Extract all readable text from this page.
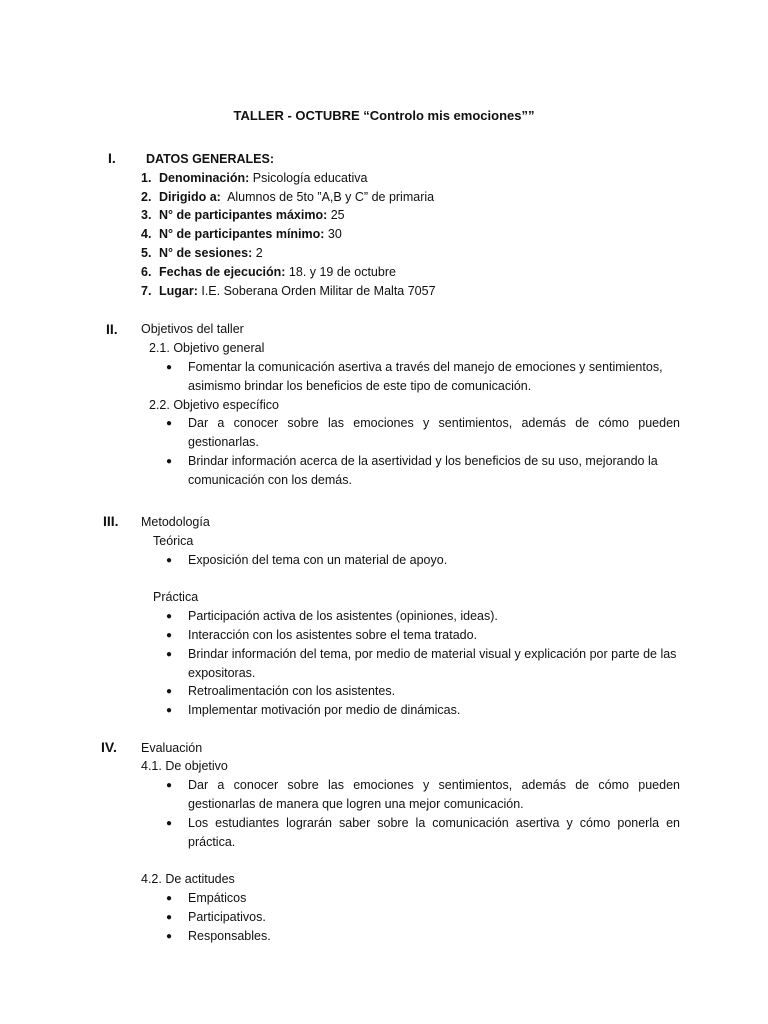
TALLER - OCTUBRE “Controlo mis emociones””
I. DATOS GENERALES:
1. Denominación: Psicología educativa
2. Dirigido a:  Alumnos de 5to ”A,B y C” de primaria
3. N° de participantes máximo: 25
4. N° de participantes mínimo: 30
5. N° de sesiones: 2
6. Fechas de ejecución: 18. y 19 de octubre
7. Lugar: I.E. Soberana Orden Militar de Malta 7057
II. Objetivos del taller
2.1. Objetivo general
● Fomentar la comunicación asertiva a través del manejo de emociones y sentimientos,
asimismo brindar los beneficios de este tipo de comunicación.
2.2. Objetivo específico
● Dar a conocer sobre las emociones y sentimientos, además de cómo pueden
gestionarlas.
● Brindar información acerca de la asertividad y los beneficios de su uso, mejorando la
comunicación con los demás.
III. Metodología
Teórica
● Exposición del tema con un material de apoyo.
Práctica
● Participación activa de los asistentes (opiniones, ideas).
● Interacción con los asistentes sobre el tema tratado.
● Brindar información del tema, por medio de material visual y explicación por parte de las
expositoras.
● Retroalimentación con los asistentes.
● Implementar motivación por medio de dinámicas.
IV. Evaluación
4.1. De objetivo
● Dar a conocer sobre las emociones y sentimientos, además de cómo pueden
gestionarlas de manera que logren una mejor comunicación.
● Los estudiantes lograrán saber sobre la comunicación asertiva y cómo ponerla en
práctica.
4.2. De actitudes
● Empáticos
● Participativos.
● Responsables.
